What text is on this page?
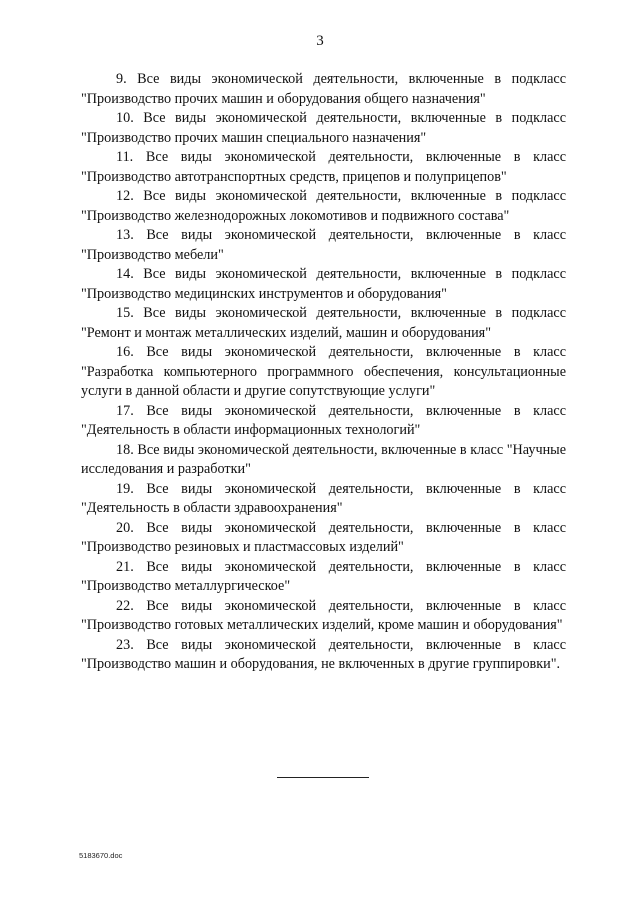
3

9. Все виды экономической деятельности, включенные в подкласс "Производство прочих машин и оборудования общего назначения"

10. Все виды экономической деятельности, включенные в подкласс "Производство прочих машин специального назначения"

11. Все виды экономической деятельности, включенные в класс "Производство автотранспортных средств, прицепов и полуприцепов"

12. Все виды экономической деятельности, включенные в подкласс "Производство железнодорожных локомотивов и подвижного состава"

13. Все виды экономической деятельности, включенные в класс "Производство мебели"

14. Все виды экономической деятельности, включенные в подкласс "Производство медицинских инструментов и оборудования"

15. Все виды экономической деятельности, включенные в подкласс "Ремонт и монтаж металлических изделий, машин и оборудования"

16. Все виды экономической деятельности, включенные в класс "Разработка компьютерного программного обеспечения, консультационные услуги в данной области и другие сопутствующие услуги"

17. Все виды экономической деятельности, включенные в класс "Деятельность в области информационных технологий"

18. Все виды экономической деятельности, включенные в класс "Научные исследования и разработки"

19. Все виды экономической деятельности, включенные в класс "Деятельность в области здравоохранения"

20. Все виды экономической деятельности, включенные в класс "Производство резиновых и пластмассовых изделий"

21. Все виды экономической деятельности, включенные в класс "Производство металлургическое"

22. Все виды экономической деятельности, включенные в класс "Производство готовых металлических изделий, кроме машин и оборудования"

23. Все виды экономической деятельности, включенные в класс "Производство машин и оборудования, не включенных в другие группировки".

5183670.doc
